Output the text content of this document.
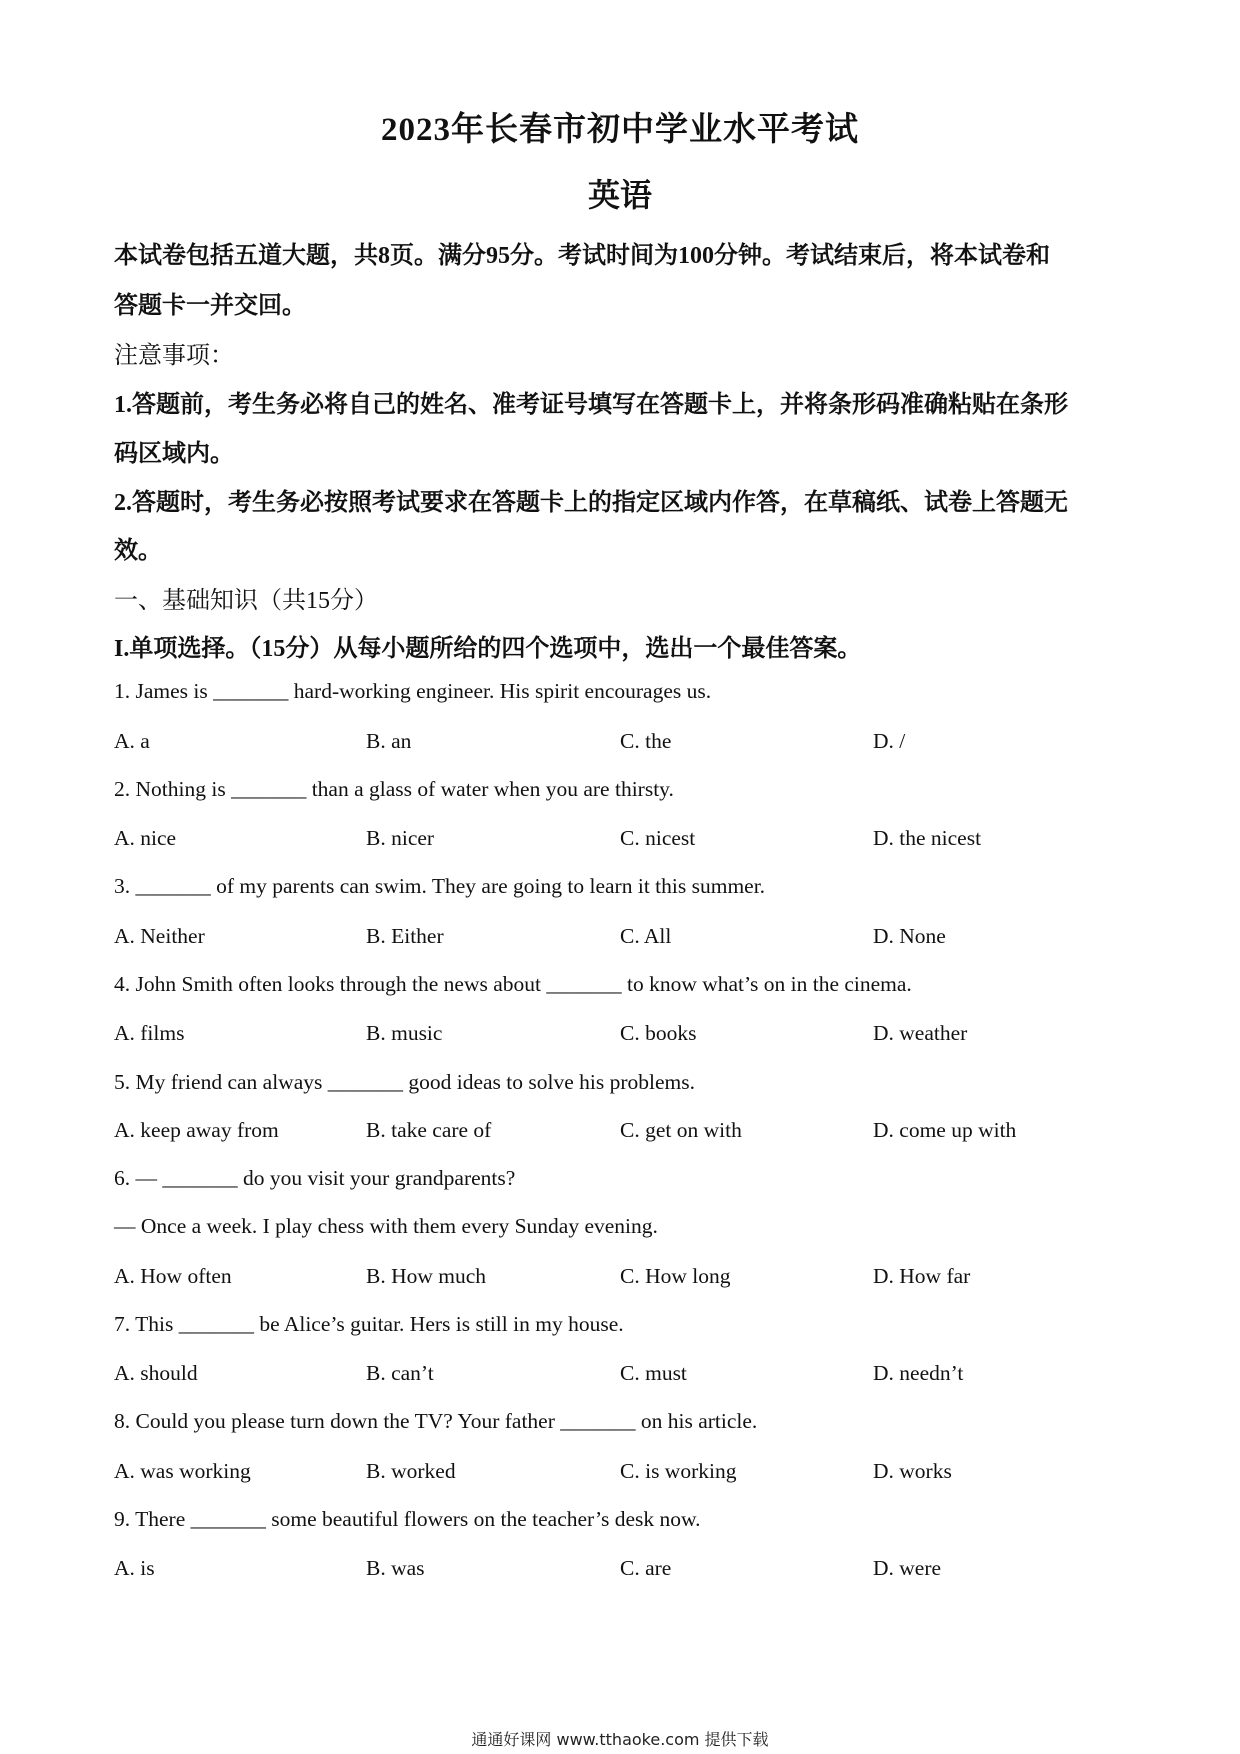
2023年长春市初中学业水平考试
英语
本试卷包括五道大题，共8页。满分95分。考试时间为100分钟。考试结束后，将本试卷和
答题卡一并交回。
注意事项：
1.答题前，考生务必将自己的姓名、准考证号填写在答题卡上，并将条形码准确粘贴在条形
码区域内。
2.答题时，考生务必按照考试要求在答题卡上的指定区域内作答，在草稿纸、试卷上答题无
效。
一、基础知识（共15分）
I.单项选择。（15分）从每小题所给的四个选项中，选出一个最佳答案。
1. James is _______ hard-working engineer. His spirit encourages us.
A. a	B. an	C. the	D. /
2. Nothing is _______ than a glass of water when you are thirsty.
A. nice	B. nicer	C. nicest	D. the nicest
3. _______ of my parents can swim. They are going to learn it this summer.
A. Neither	B. Either	C. All	D. None
4. John Smith often looks through the news about _______ to know what’s on in the cinema.
A. films	B. music	C. books	D. weather
5. My friend can always _______ good ideas to solve his problems.
A. keep away from	B. take care of	C. get on with	D. come up with
6. — _______ do you visit your grandparents?
— Once a week. I play chess with them every Sunday evening.
A. How often	B. How much	C. How long	D. How far
7. This _______ be Alice’s guitar. Hers is still in my house.
A. should	B. can’t	C. must	D. needn’t
8. Could you please turn down the TV? Your father _______ on his article.
A. was working	B. worked	C. is working	D. works
9. There _______ some beautiful flowers on the teacher’s desk now.
A. is	B. was	C. are	D. were
通通好课网 www.tthaoke.com 提供下载
